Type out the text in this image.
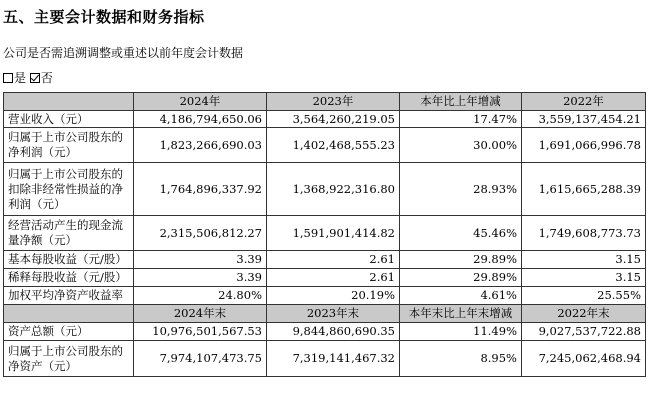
五、主要会计数据和财务指标
公司是否需追溯调整或重述以前年度会计数据
是 否
	2024年	2023年	本年比上年增减	2022年
营业收入（元）	4,186,794,650.06	3,564,260,219.05	17.47%	3,559,137,454.21
归属于上市公司股东的净利润（元）	1,823,266,690.03	1,402,468,555.23	30.00%	1,691,066,996.78
归属于上市公司股东的扣除非经常性损益的净利润（元）	1,764,896,337.92	1,368,922,316.80	28.93%	1,615,665,288.39
经营活动产生的现金流量净额（元）	2,315,506,812.27	1,591,901,414.82	45.46%	1,749,608,773.73
基本每股收益（元/股）	3.39	2.61	29.89%	3.15
稀释每股收益（元/股）	3.39	2.61	29.89%	3.15
加权平均净资产收益率	24.80%	20.19%	4.61%	25.55%
	2024年末	2023年末	本年末比上年末增减	2022年末
资产总额（元）	10,976,501,567.53	9,844,860,690.35	11.49%	9,027,537,722.88
归属于上市公司股东的净资产（元）	7,974,107,473.75	7,319,141,467.32	8.95%	7,245,062,468.94
